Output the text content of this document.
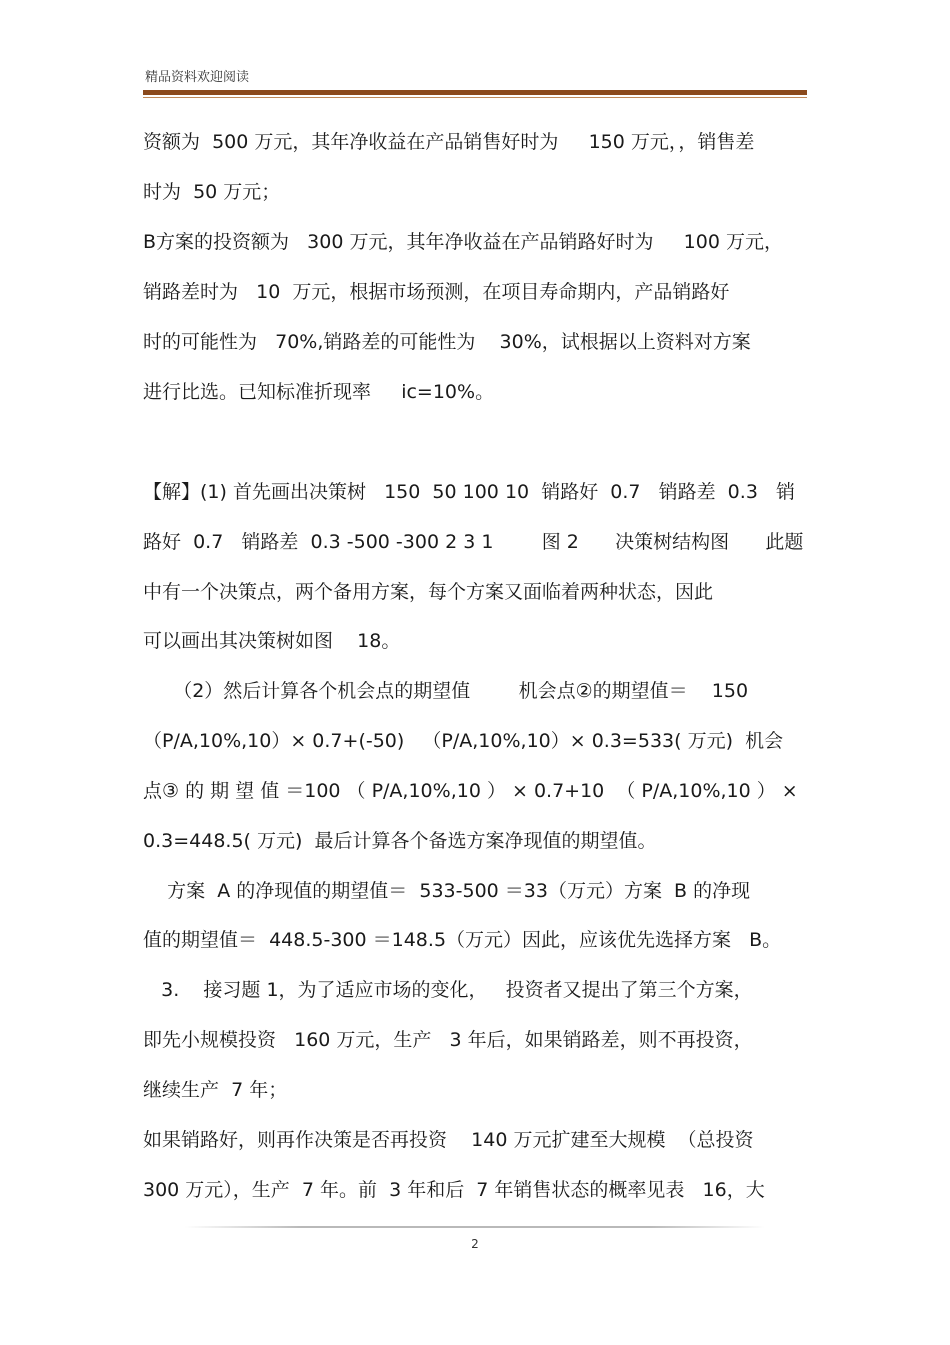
精品资料欢迎阅读
资额为  500 万元，其年净收益在产品销售好时为     150 万元，，销售差
时为  50 万元；
B方案的投资额为   300 万元，其年净收益在产品销路好时为     100 万元，
销路差时为   10  万元，根据市场预测，在项目寿命期内，产品销路好
时的可能性为   70%,销路差的可能性为    30%，试根据以上资料对方案
进行比选。已知标准折现率     ic=10%。
【解】(1) 首先画出决策树   150  50 100 10  销路好  0.7   销路差  0.3   销
路好  0.7   销路差  0.3 -500 -300 2 3 1        图 2      决策树结构图      此题
中有一个决策点，两个备用方案，每个方案又面临着两种状态，因此
可以画出其决策树如图    18。
（2）然后计算各个机会点的期望值        机会点②的期望值＝    150
（P/A,10%,10）× 0.7+(-50)   （P/A,10%,10）× 0.3=533( 万元)  机会
点③ 的 期 望 值 ＝100 （ P/A,10%,10 ） × 0.7+10  （ P/A,10%,10 ） ×
0.3=448.5( 万元)  最后计算各个备选方案净现值的期望值。
方案  A 的净现值的期望值＝  533-500 ＝33（万元）方案  B 的净现
值的期望值＝  448.5-300 ＝148.5（万元）因此，应该优先选择方案   B。
3.    接习题 1，为了适应市场的变化，   投资者又提出了第三个方案，
即先小规模投资   160 万元，生产   3 年后，如果销路差，则不再投资，
继续生产  7 年；
如果销路好，则再作决策是否再投资    140 万元扩建至大规模  （总投资
300 万元），生产  7 年。前  3 年和后  7 年销售状态的概率见表   16，大
2
